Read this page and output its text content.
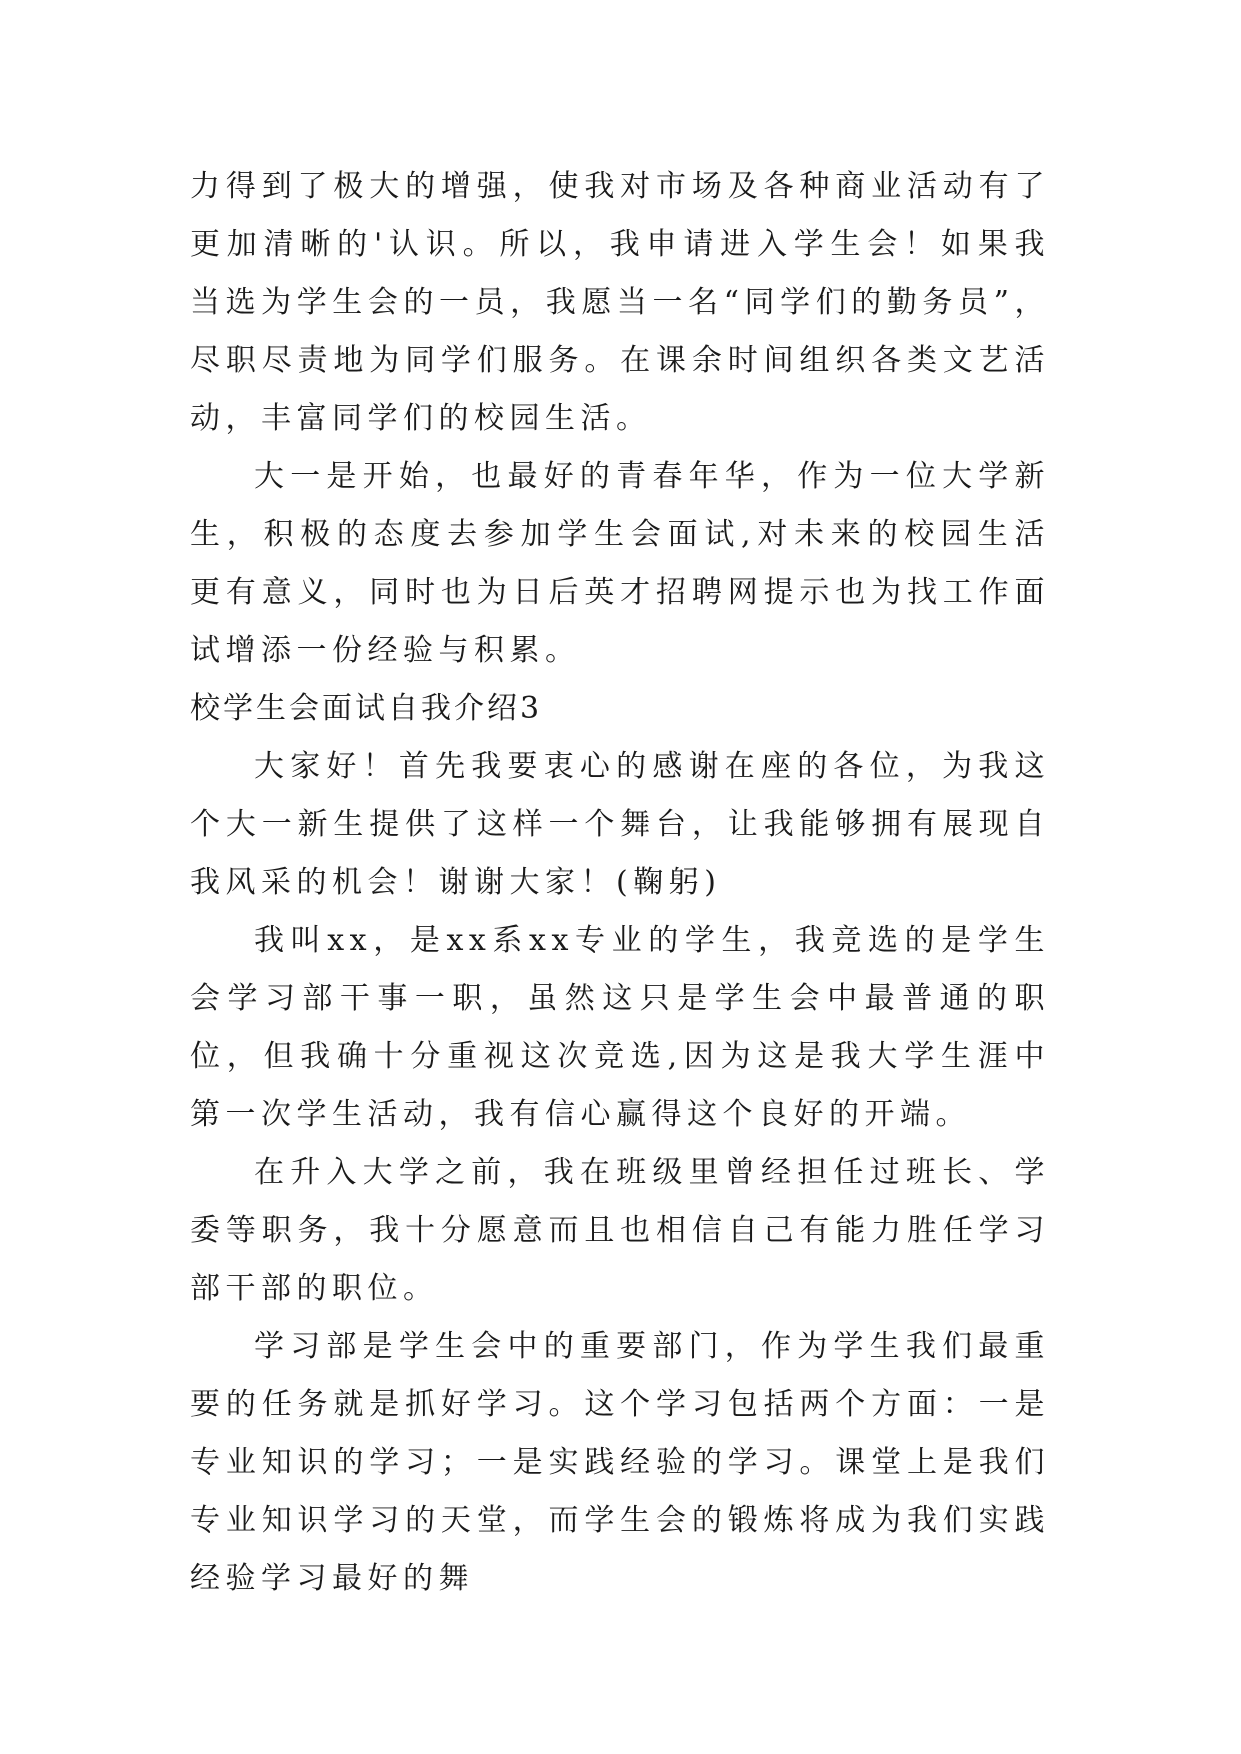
力得到了极大的增强，使我对市场及各种商业活动有了更加清晰的'认识。所以，我申请进入学生会！如果我当选为学生会的一员，我愿当一名“同学们的勤务员”，尽职尽责地为同学们服务。在课余时间组织各类文艺活动，丰富同学们的校园生活。

大一是开始，也最好的青春年华，作为一位大学新生，积极的态度去参加学生会面试,对未来的校园生活更有意义，同时也为日后英才招聘网提示也为找工作面试增添一份经验与积累。

校学生会面试自我介绍3

大家好！首先我要衷心的感谢在座的各位，为我这个大一新生提供了这样一个舞台，让我能够拥有展现自我风采的机会！谢谢大家！(鞠躬)

我叫xx，是xx系xx专业的学生，我竞选的是学生会学习部干事一职，虽然这只是学生会中最普通的职位，但我确十分重视这次竞选,因为这是我大学生涯中第一次学生活动，我有信心赢得这个良好的开端。

在升入大学之前，我在班级里曾经担任过班长、学委等职务，我十分愿意而且也相信自己有能力胜任学习部干部的职位。

学习部是学生会中的重要部门，作为学生我们最重要的任务就是抓好学习。这个学习包括两个方面：一是专业知识的学习；一是实践经验的学习。课堂上是我们专业知识学习的天堂，而学生会的锻炼将成为我们实践经验学习最好的舞
